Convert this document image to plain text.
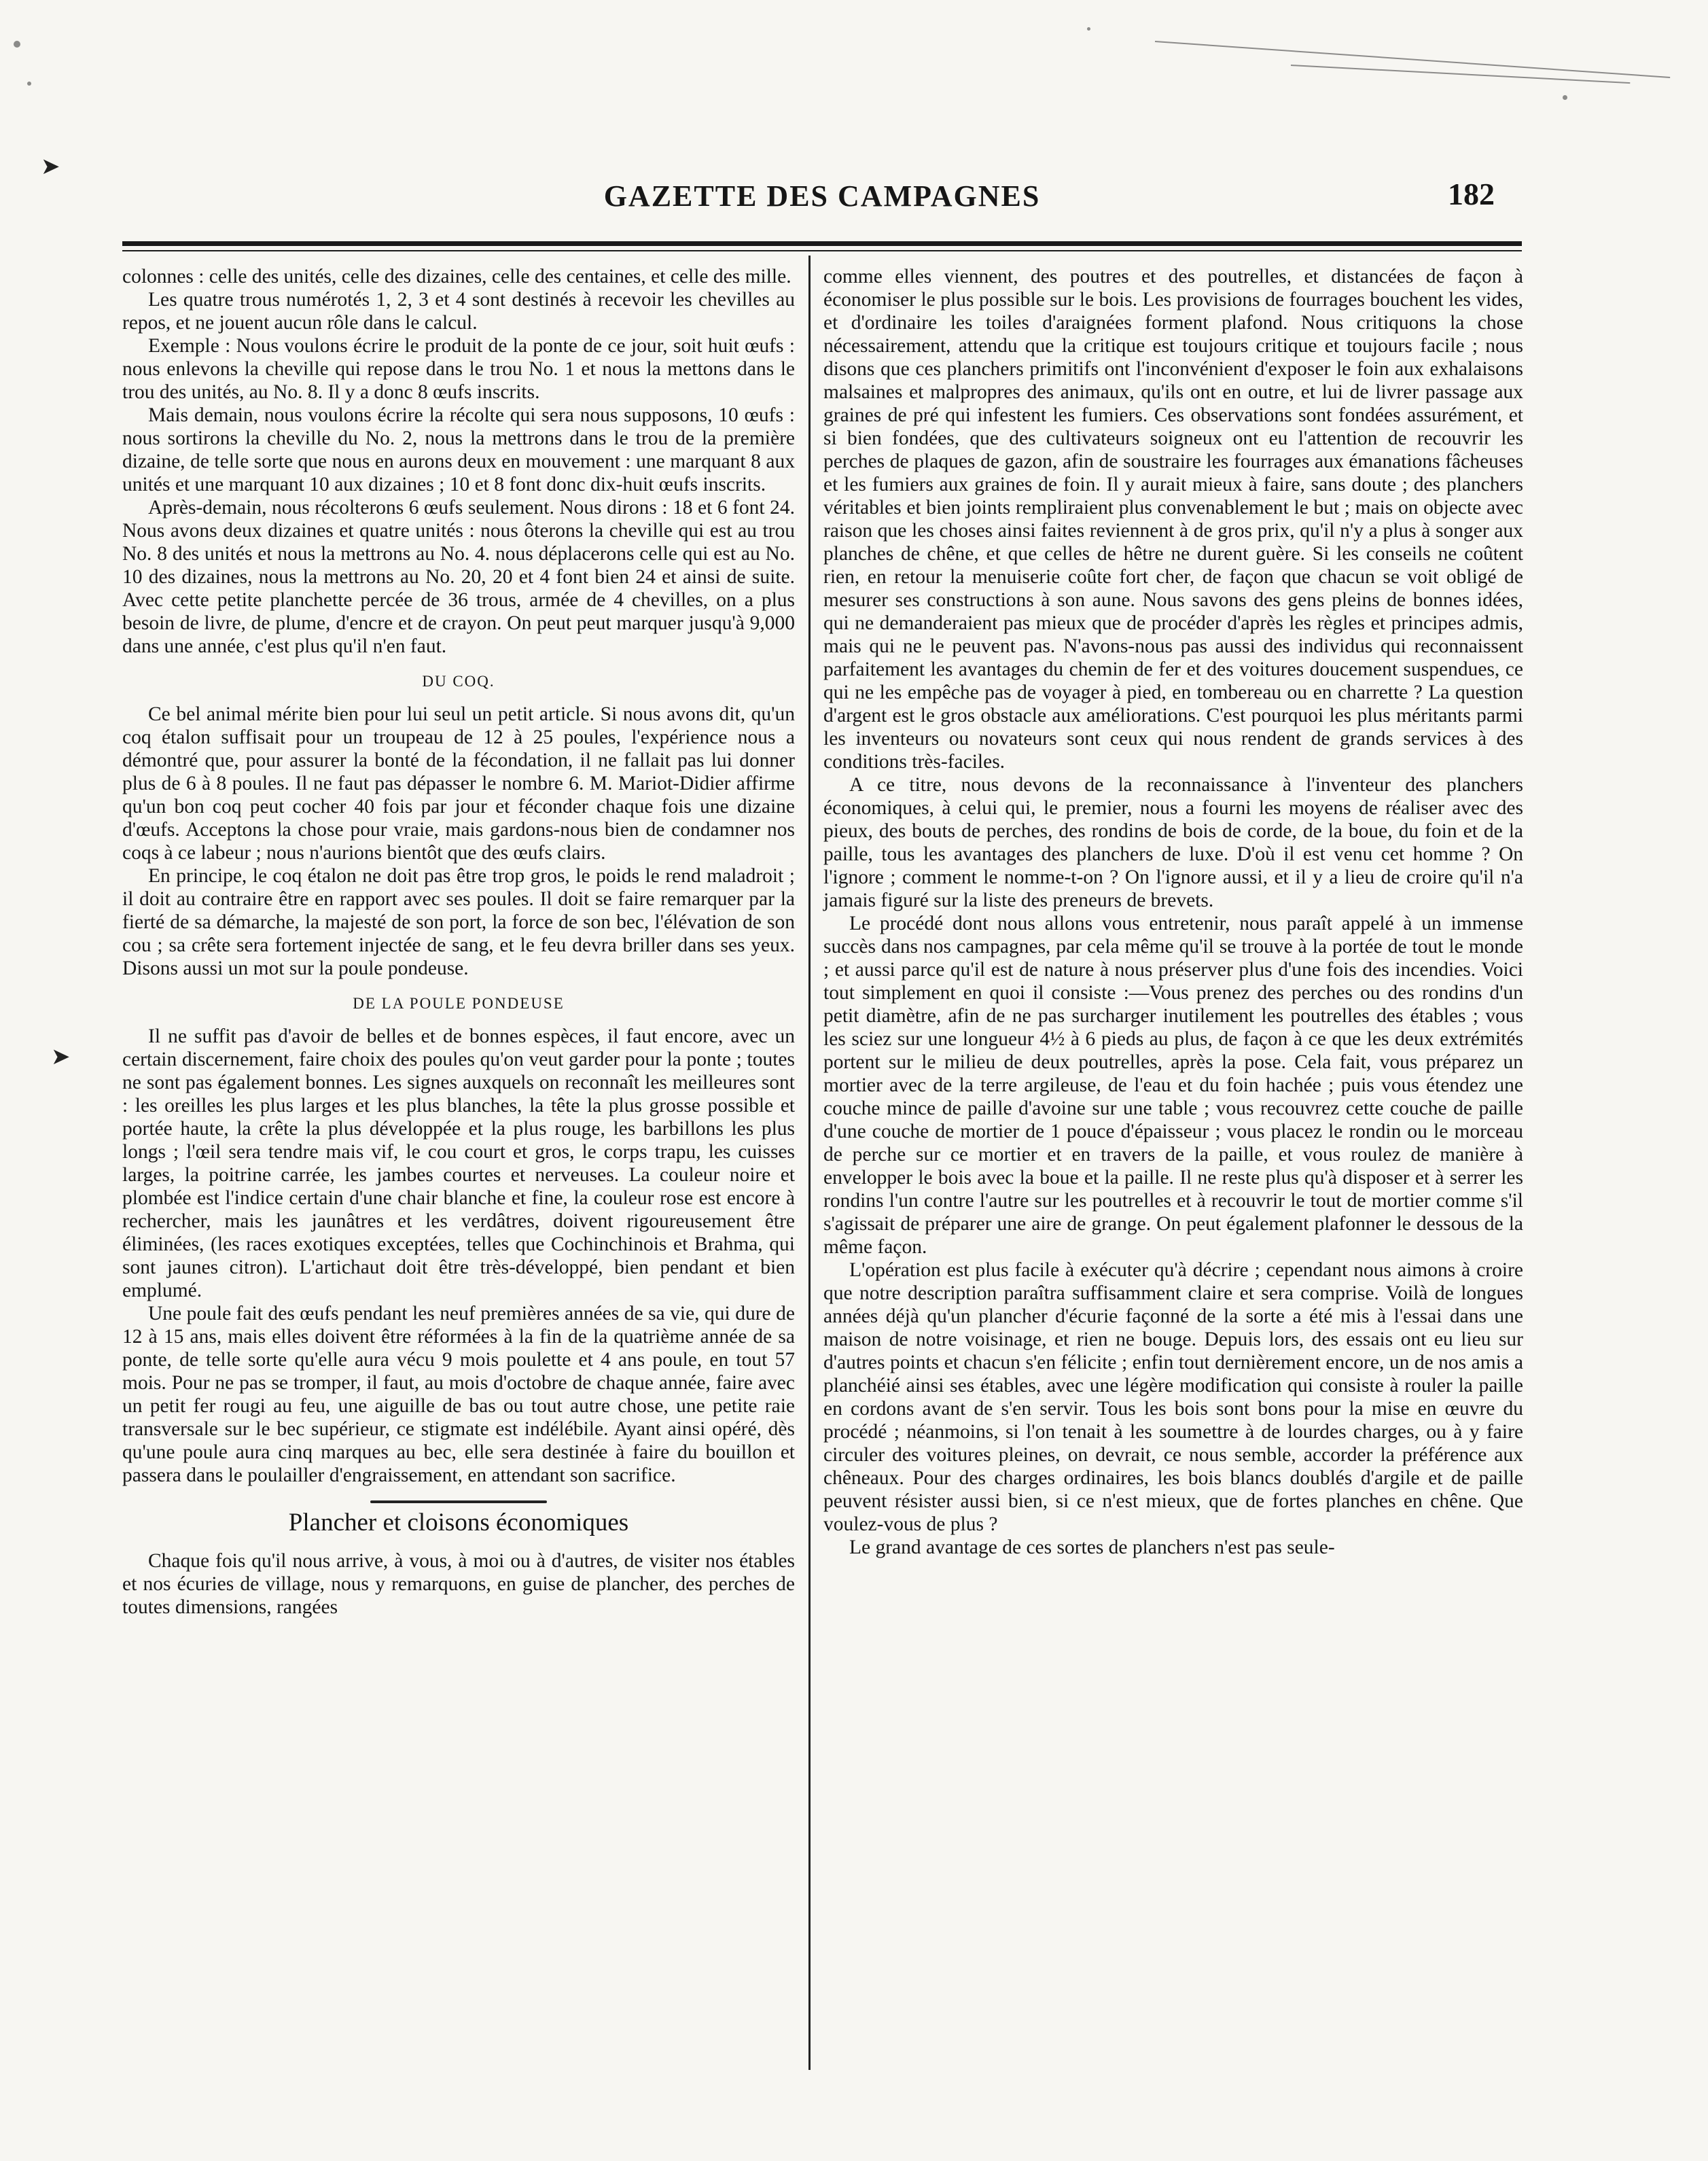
➤
➤
GAZETTE DES CAMPAGNES	182

colonnes : celle des unités, celle des dizaines, celle des centaines, et celle des mille.

Les quatre trous numérotés 1, 2, 3 et 4 sont destinés à recevoir les chevilles au repos, et ne jouent aucun rôle dans le calcul.

Exemple : Nous voulons écrire le produit de la ponte de ce jour, soit huit œufs : nous enlevons la cheville qui repose dans le trou No. 1 et nous la mettons dans le trou des unités, au No. 8. Il y a donc 8 œufs inscrits.

Mais demain, nous voulons écrire la récolte qui sera nous supposons, 10 œufs : nous sortirons la cheville du No. 2, nous la mettrons dans le trou de la première dizaine, de telle sorte que nous en aurons deux en mouvement : une marquant 8 aux unités et une marquant 10 aux dizaines ; 10 et 8 font donc dix-huit œufs inscrits.

Après-demain, nous récolterons 6 œufs seulement. Nous dirons : 18 et 6 font 24. Nous avons deux dizaines et quatre unités : nous ôterons la cheville qui est au trou No. 8 des unités et nous la mettrons au No. 4. nous déplacerons celle qui est au No. 10 des dizaines, nous la mettrons au No. 20, 20 et 4 font bien 24 et ainsi de suite. Avec cette petite planchette percée de 36 trous, armée de 4 chevilles, on a plus besoin de livre, de plume, d'encre et de crayon. On peut peut marquer jusqu'à 9,000 dans une année, c'est plus qu'il n'en faut.

DU COQ.

Ce bel animal mérite bien pour lui seul un petit article. Si nous avons dit, qu'un coq étalon suffisait pour un troupeau de 12 à 25 poules, l'expérience nous a démontré que, pour assurer la bonté de la fécondation, il ne fallait pas lui donner plus de 6 à 8 poules. Il ne faut pas dépasser le nombre 6. M. Mariot-Didier affirme qu'un bon coq peut cocher 40 fois par jour et féconder chaque fois une dizaine d'œufs. Acceptons la chose pour vraie, mais gardons-nous bien de condamner nos coqs à ce labeur ; nous n'aurions bientôt que des œufs clairs.

En principe, le coq étalon ne doit pas être trop gros, le poids le rend maladroit ; il doit au contraire être en rapport avec ses poules. Il doit se faire remarquer par la fierté de sa démarche, la majesté de son port, la force de son bec, l'élévation de son cou ; sa crête sera fortement injectée de sang, et le feu devra briller dans ses yeux. Disons aussi un mot sur la poule pondeuse.

DE LA POULE PONDEUSE

Il ne suffit pas d'avoir de belles et de bonnes espèces, il faut encore, avec un certain discernement, faire choix des poules qu'on veut garder pour la ponte ; toutes ne sont pas également bonnes. Les signes auxquels on reconnaît les meilleures sont : les oreilles les plus larges et les plus blanches, la tête la plus grosse possible et portée haute, la crête la plus développée et la plus rouge, les barbillons les plus longs ; l'œil sera tendre mais vif, le cou court et gros, le corps trapu, les cuisses larges, la poitrine carrée, les jambes courtes et nerveuses. La couleur noire et plombée est l'indice certain d'une chair blanche et fine, la couleur rose est encore à rechercher, mais les jaunâtres et les verdâtres, doivent rigoureusement être éliminées, (les races exotiques exceptées, telles que Cochinchinois et Brahma, qui sont jaunes citron). L'artichaut doit être très-développé, bien pendant et bien emplumé.

Une poule fait des œufs pendant les neuf premières années de sa vie, qui dure de 12 à 15 ans, mais elles doivent être réformées à la fin de la quatrième année de sa ponte, de telle sorte qu'elle aura vécu 9 mois poulette et 4 ans poule, en tout 57 mois. Pour ne pas se tromper, il faut, au mois d'octobre de chaque année, faire avec un petit fer rougi au feu, une aiguille de bas ou tout autre chose, une petite raie transversale sur le bec supérieur, ce stigmate est indélébile. Ayant ainsi opéré, dès qu'une poule aura cinq marques au bec, elle sera destinée à faire du bouillon et passera dans le poulailler d'engraissement, en attendant son sacrifice.

Plancher et cloisons économiques

Chaque fois qu'il nous arrive, à vous, à moi ou à d'autres, de visiter nos étables et nos écuries de village, nous y remarquons, en guise de plancher, des perches de toutes dimensions, rangées

comme elles viennent, des poutres et des poutrelles, et distancées de façon à économiser le plus possible sur le bois. Les provisions de fourrages bouchent les vides, et d'ordinaire les toiles d'araignées forment plafond. Nous critiquons la chose nécessairement, attendu que la critique est toujours critique et toujours facile ; nous disons que ces planchers primitifs ont l'inconvénient d'exposer le foin aux exhalaisons malsaines et malpropres des animaux, qu'ils ont en outre, et lui de livrer passage aux graines de pré qui infestent les fumiers. Ces observations sont fondées assurément, et si bien fondées, que des cultivateurs soigneux ont eu l'attention de recouvrir les perches de plaques de gazon, afin de soustraire les fourrages aux émanations fâcheuses et les fumiers aux graines de foin. Il y aurait mieux à faire, sans doute ; des planchers véritables et bien joints rempliraient plus convenablement le but ; mais on objecte avec raison que les choses ainsi faites reviennent à de gros prix, qu'il n'y a plus à songer aux planches de chêne, et que celles de hêtre ne durent guère. Si les conseils ne coûtent rien, en retour la menuiserie coûte fort cher, de façon que chacun se voit obligé de mesurer ses constructions à son aune. Nous savons des gens pleins de bonnes idées, qui ne demanderaient pas mieux que de procéder d'après les règles et principes admis, mais qui ne le peuvent pas. N'avons-nous pas aussi des individus qui reconnaissent parfaitement les avantages du chemin de fer et des voitures doucement suspendues, ce qui ne les empêche pas de voyager à pied, en tombereau ou en charrette ? La question d'argent est le gros obstacle aux améliorations. C'est pourquoi les plus méritants parmi les inventeurs ou novateurs sont ceux qui nous rendent de grands services à des conditions très-faciles.

A ce titre, nous devons de la reconnaissance à l'inventeur des planchers économiques, à celui qui, le premier, nous a fourni les moyens de réaliser avec des pieux, des bouts de perches, des rondins de bois de corde, de la boue, du foin et de la paille, tous les avantages des planchers de luxe. D'où il est venu cet homme ? On l'ignore ; comment le nomme-t-on ? On l'ignore aussi, et il y a lieu de croire qu'il n'a jamais figuré sur la liste des preneurs de brevets.

Le procédé dont nous allons vous entretenir, nous paraît appelé à un immense succès dans nos campagnes, par cela même qu'il se trouve à la portée de tout le monde ; et aussi parce qu'il est de nature à nous préserver plus d'une fois des incendies. Voici tout simplement en quoi il consiste :—Vous prenez des perches ou des rondins d'un petit diamètre, afin de ne pas surcharger inutilement les poutrelles des étables ; vous les sciez sur une longueur 4½ à 6 pieds au plus, de façon à ce que les deux extrémités portent sur le milieu de deux poutrelles, après la pose. Cela fait, vous préparez un mortier avec de la terre argileuse, de l'eau et du foin hachée ; puis vous étendez une couche mince de paille d'avoine sur une table ; vous recouvrez cette couche de paille d'une couche de mortier de 1 pouce d'épaisseur ; vous placez le rondin ou le morceau de perche sur ce mortier et en travers de la paille, et vous roulez de manière à envelopper le bois avec la boue et la paille. Il ne reste plus qu'à disposer et à serrer les rondins l'un contre l'autre sur les poutrelles et à recouvrir le tout de mortier comme s'il s'agissait de préparer une aire de grange. On peut également plafonner le dessous de la même façon.

L'opération est plus facile à exécuter qu'à décrire ; cependant nous aimons à croire que notre description paraîtra suffisamment claire et sera comprise. Voilà de longues années déjà qu'un plancher d'écurie façonné de la sorte a été mis à l'essai dans une maison de notre voisinage, et rien ne bouge. Depuis lors, des essais ont eu lieu sur d'autres points et chacun s'en félicite ; enfin tout dernièrement encore, un de nos amis a planchéié ainsi ses étables, avec une légère modification qui consiste à rouler la paille en cordons avant de s'en servir. Tous les bois sont bons pour la mise en œuvre du procédé ; néanmoins, si l'on tenait à les soumettre à de lourdes charges, ou à y faire circuler des voitures pleines, on devrait, ce nous semble, accorder la préférence aux chêneaux. Pour des charges ordinaires, les bois blancs doublés d'argile et de paille peuvent résister aussi bien, si ce n'est mieux, que de fortes planches en chêne. Que voulez-vous de plus ?

Le grand avantage de ces sortes de planchers n'est pas seule-
